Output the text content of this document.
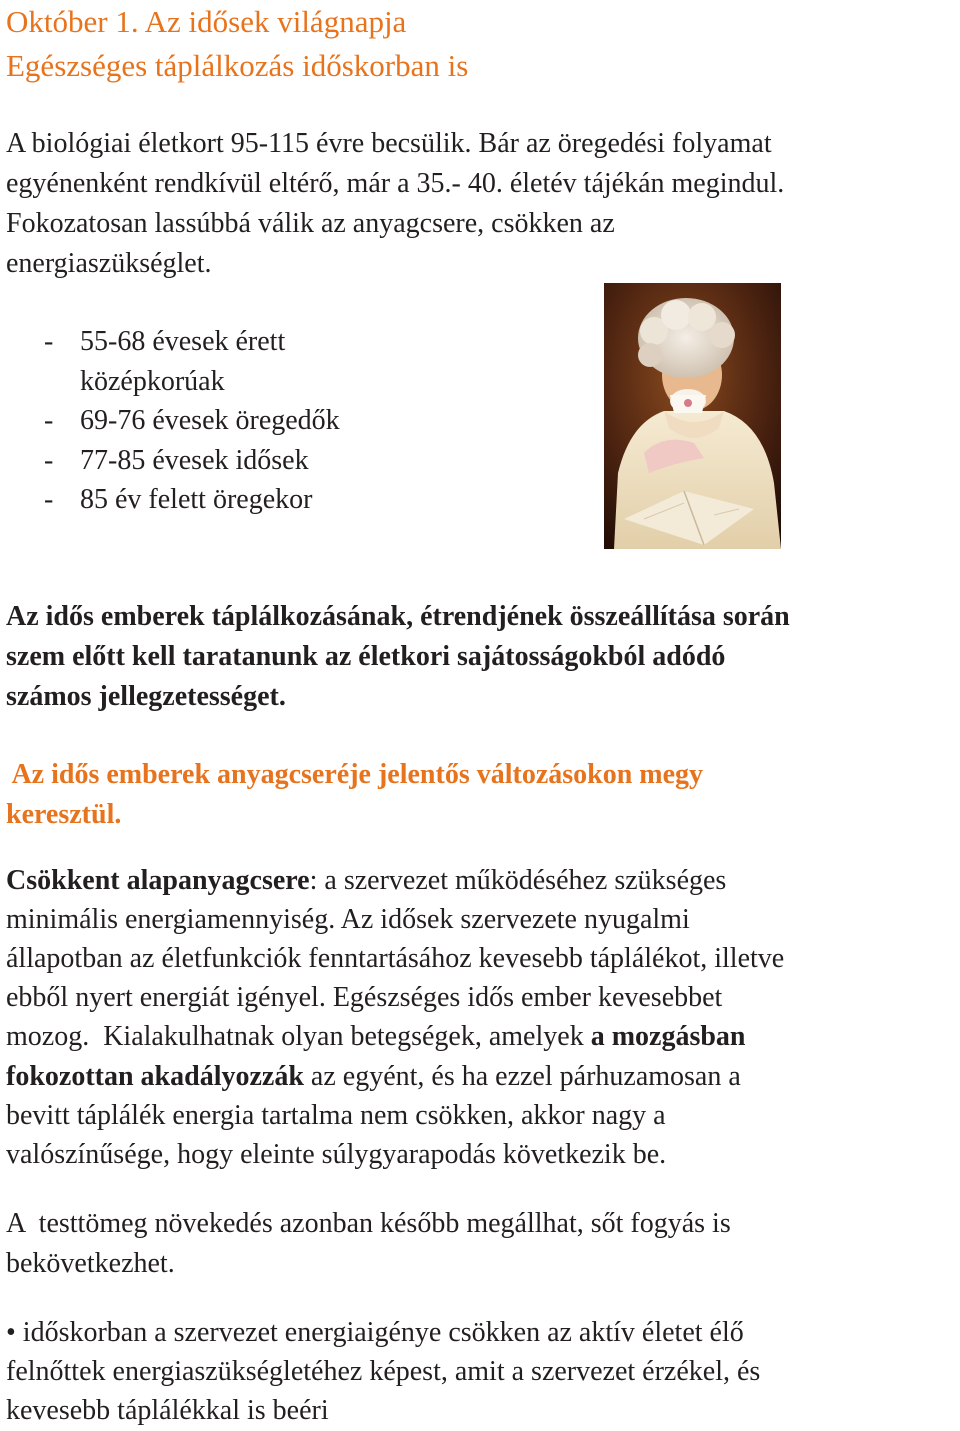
Október 1. Az idősek világnapja
Egészséges táplálkozás időskorban is
A biológiai életkort 95-115 évre becsülik. Bár az öregedési folyamat
egyénenként rendkívül eltérő, már a 35.- 40. életév tájékán megindul.
Fokozatosan lassúbbá válik az anyagcsere, csökken az
energiaszükséglet.
- 55-68 évesek érett
középkorúak
- 69-76 évesek öregedők
- 77-85 évesek idősek
- 85 év felett öregekor
Az idős emberek táplálkozásának, étrendjének összeállítása során
szem előtt kell taratanunk az életkori sajátosságokból adódó
számos jellegzetességet.
Az idős emberek anyagcseréje jelentős változásokon megy
keresztül.
Csökkent alapanyagcsere: a szervezet működéséhez szükséges
minimális energiamennyiség. Az idősek szervezete nyugalmi
állapotban az életfunkciók fenntartásához kevesebb táplálékot, illetve
ebből nyert energiát igényel. Egészséges idős ember kevesebbet
mozog.  Kialakulhatnak olyan betegségek, amelyek a mozgásban
fokozottan akadályozzák az egyént, és ha ezzel párhuzamosan a
bevitt táplálék energia tartalma nem csökken, akkor nagy a
valószínűsége, hogy eleinte súlygyarapodás következik be.
A  testtömeg növekedés azonban később megállhat, sőt fogyás is
bekövetkezhet.
• időskorban a szervezet energiaigénye csökken az aktív életet élő
felnőttek energiaszükségletéhez képest, amit a szervezet érzékel, és
kevesebb táplálékkal is beéri
